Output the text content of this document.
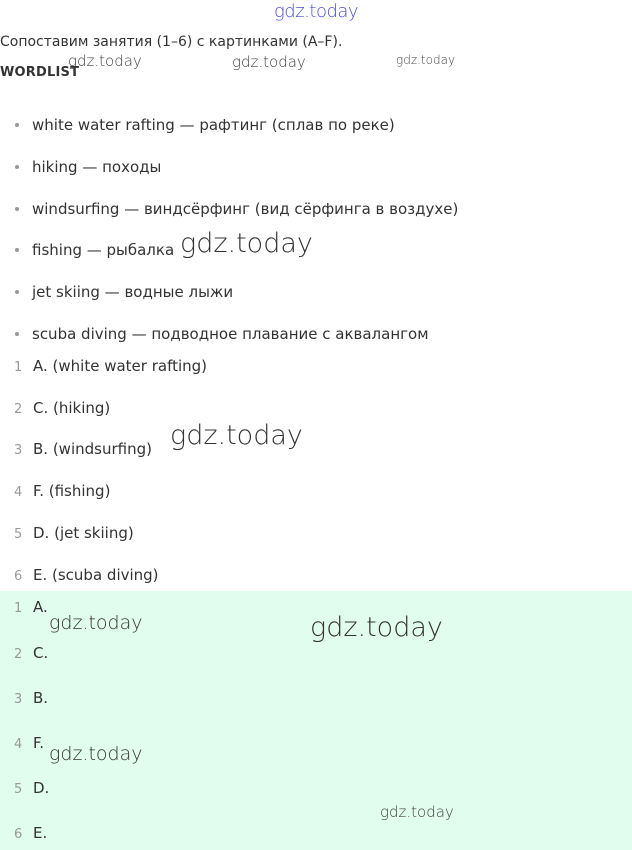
1 A.
2 C.
3 B.
4 F.
5 D.
6 E.
Сопоставим занятия (1–6) с картинками (A–F).
WORDLIST
white water rafting — рафтинг (сплав по реке)
hiking — походы
windsurfing — виндсёрфинг (вид сёрфинга в воздухе)
fishing — рыбалка
jet skiing — водные лыжи
scuba diving — подводное плавание с аквалангом
1 A. (white water rafting)
2 C. (hiking)
3 B. (windsurfing)
4 F. (fishing)
5 D. (jet skiing)
6 E. (scuba diving)
gdz.today
gdz.today	gdz.today	gdz.today
gdz.today
gdz.today
gdz.today	gdz.today
gdz.today
gdz.today
